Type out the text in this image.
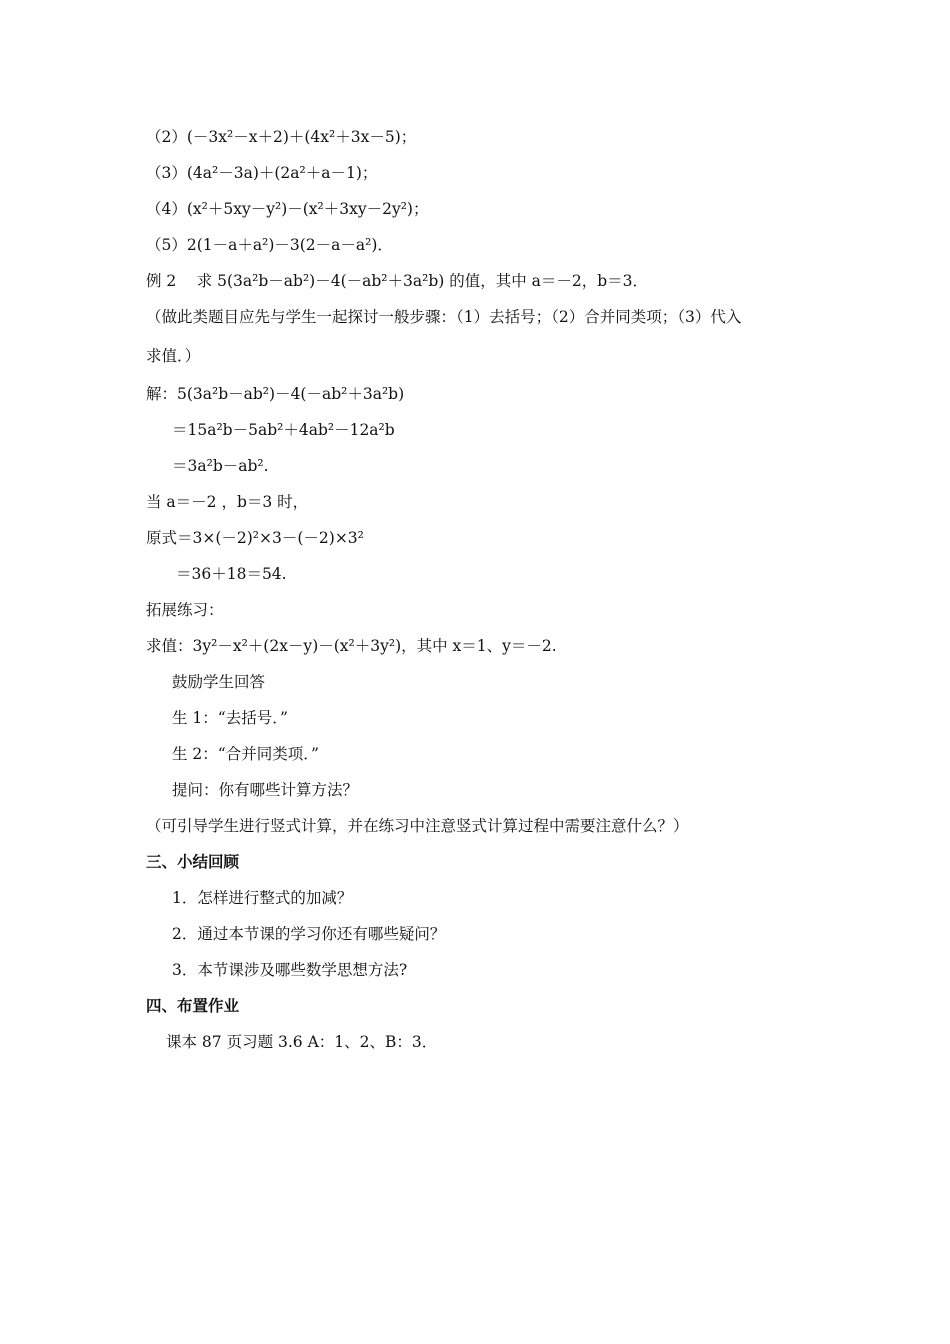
（2）(－3x²－x＋2)＋(4x²＋3x－5)；
（3）(4a²－3a)＋(2a²＋a－1)；
（4）(x²＋5xy－y²)－(x²＋3xy－2y²)；
（5）2(1－a＋a²)－3(2－a－a²)．
例 2　 求 5(3a²b－ab²)－4(－ab²＋3a²b) 的值，其中 a＝－2，b＝3．
（做此类题目应先与学生一起探讨一般步骤：（1）去括号；（2）合并同类项；（3）代入
求值．）
解：5(3a²b－ab²)－4(－ab²＋3a²b)
＝15a²b－5ab²＋4ab²－12a²b
＝3a²b－ab².
当 a＝－2 ，b＝3 时，
原式＝3×(－2)²×3－(－2)×3²
＝36＋18＝54.
拓展练习：
求值：3y²－x²＋(2x－y)－(x²＋3y²)，其中 x＝1、y＝－2.
鼓励学生回答
生 1：“去括号．”
生 2：“合并同类项．”
提问：你有哪些计算方法？
（可引导学生进行竖式计算，并在练习中注意竖式计算过程中需要注意什么？）
三、小结回顾
1．怎样进行整式的加减？
2．通过本节课的学习你还有哪些疑问？
3．本节课涉及哪些数学思想方法?
四、布置作业
课本 87 页习题 3.6 A：1、2、B：3．
